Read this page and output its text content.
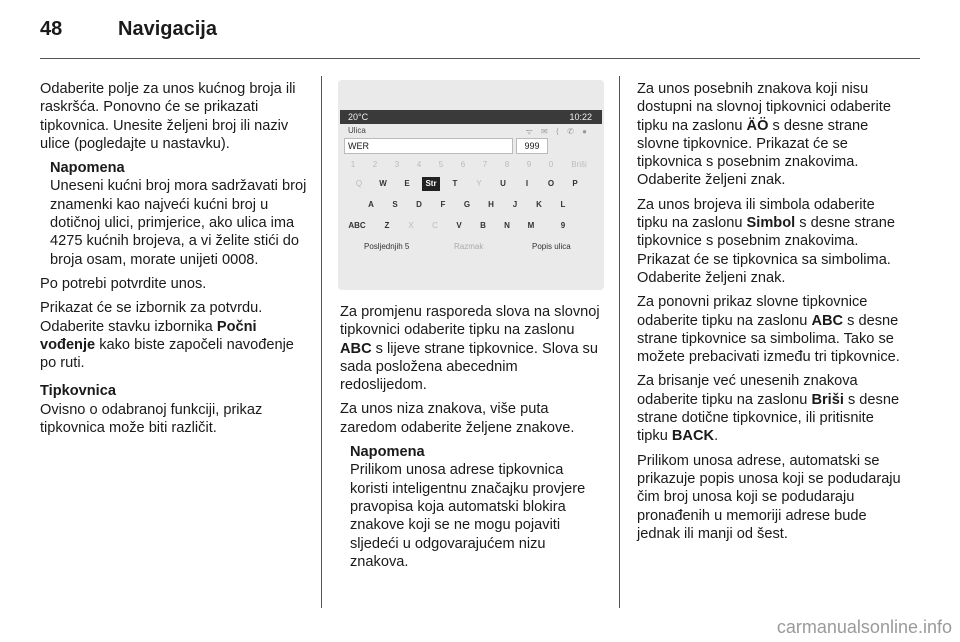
48	Navigacija

Odaberite polje za unos kućnog broja ili raskršća. Ponovno će se prikazati tipkovnica. Unesite željeni broj ili naziv ulice (pogledajte u nastavku).

Napomena
Uneseni kućni broj mora sadržavati broj znamenki kao najveći kućni broj u dotičnoj ulici, primjerice, ako ulica ima 4275 kućnih brojeva, a vi želite stići do broja osam, morate unijeti 0008.

Po potrebi potvrdite unos.

Prikazat će se izbornik za potvrdu. Odaberite stavku izbornika Počni vođenje kako biste započeli navođenje po ruti.

Tipkovnica

Ovisno o odabranoj funkciji, prikaz tipkovnica može biti različit.

20°C	10:22
Ulica	ᯤ ✉ ⟨ ✆ ●
WER	999
1	2	3	4	5	6	7	8	9	0	Briši
Q	W	E	Str	T	Y	U	I	O	P
A	S	D	F	G	H	J	K	L
ABC	Z	X	C	V	B	N	M	9
Posljednjih 5	Razmak	Popis ulica

Za promjenu rasporeda slova na slovnoj tipkovnici odaberite tipku na zaslonu ABC s lijeve strane tipkovnice. Slova su sada posložena abecednim redoslijedom.

Za unos niza znakova, više puta zaredom odaberite željene znakove.

Napomena
Prilikom unosa adrese tipkovnica koristi inteligentnu značajku provjere pravopisa koja automatski blokira znakove koji se ne mogu pojaviti sljedeći u odgovarajućem nizu znakova.

Za unos posebnih znakova koji nisu dostupni na slovnoj tipkovnici odaberite tipku na zaslonu ÄÖ s desne strane slovne tipkovnice. Prikazat će se tipkovnica s posebnim znakovima. Odaberite željeni znak.

Za unos brojeva ili simbola odaberite tipku na zaslonu Simbol s desne strane tipkovnice s posebnim znakovima. Prikazat će se tipkovnica sa simbolima. Odaberite željeni znak.

Za ponovni prikaz slovne tipkovnice odaberite tipku na zaslonu ABC s desne strane tipkovnice sa simbolima. Tako se možete prebacivati između tri tipkovnice.

Za brisanje već unesenih znakova odaberite tipku na zaslonu Briši s desne strane dotične tipkovnice, ili pritisnite tipku BACK.

Prilikom unosa adrese, automatski se prikazuje popis unosa koji se podudaraju čim broj unosa koji se podudaraju pronađenih u memoriji adrese bude jednak ili manji od šest.

carmanualsonline.info
